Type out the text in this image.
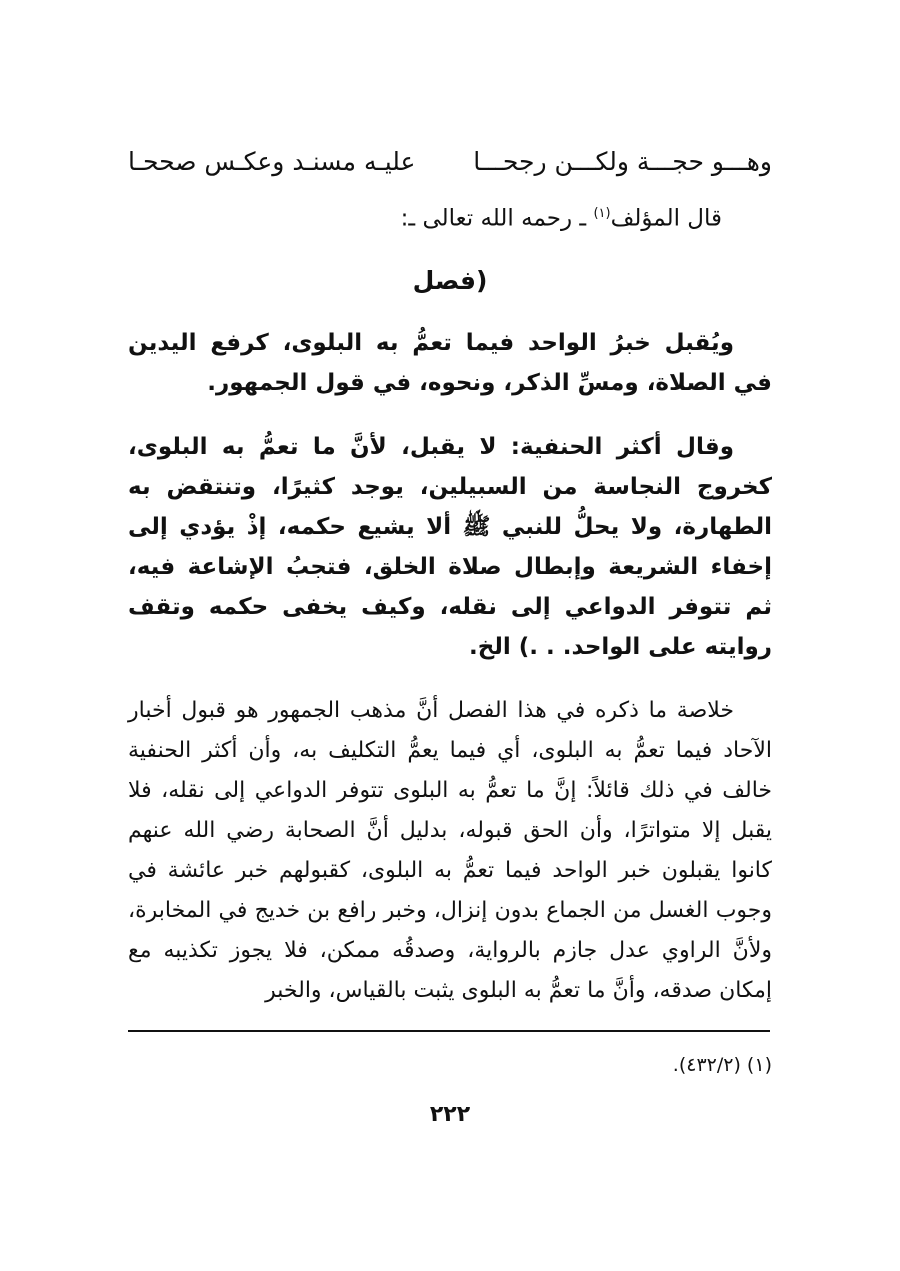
وهـــو حجـــة ولكـــن رجحـــا
عليـه مسنـد وعكـس صححـا
قال المؤلف$^{(١)}$ ـ رحمه الله تعالى ـ:
(فصل

ويُقبل خبرُ الواحد فيما تعمُّ به البلوى، كرفع اليدين في الصلاة، ومسِّ الذكر، ونحوه، في قول الجمهور.

وقال أكثر الحنفية: لا يقبل، لأنَّ ما تعمُّ به البلوى، كخروج النجاسة من السبيلين، يوجد كثيرًا، وتنتقض به الطهارة، ولا يحلُّ للنبي ﷺ ألا يشيع حكمه، إذْ يؤدي إلى إخفاء الشريعة وإبطال صلاة الخلق، فتجبُ الإشاعة فيه، ثم تتوفر الدواعي إلى نقله، وكيف يخفى حكمه وتقف روايته على الواحد. . .) الخ.

خلاصة ما ذكره في هذا الفصل أنَّ مذهب الجمهور هو قبول أخبار الآحاد فيما تعمُّ به البلوى، أي فيما يعمُّ التكليف به، وأن أكثر الحنفية خالف في ذلك قائلاً: إنَّ ما تعمُّ به البلوى تتوفر الدواعي إلى نقله، فلا يقبل إلا متواترًا، وأن الحق قبوله، بدليل أنَّ الصحابة رضي الله عنهم كانوا يقبلون خبر الواحد فيما تعمُّ به البلوى، كقبولهم خبر عائشة في وجوب الغسل من الجماع بدون إنزال، وخبر رافع بن خديج في المخابرة، ولأنَّ الراوي عدل جازم بالرواية، وصدقُه ممكن، فلا يجوز تكذيبه مع إمكان صدقه، وأنَّ ما تعمُّ به البلوى يثبت بالقياس، والخبر

(١) (٤٣٢/٢).
٢٢٢
